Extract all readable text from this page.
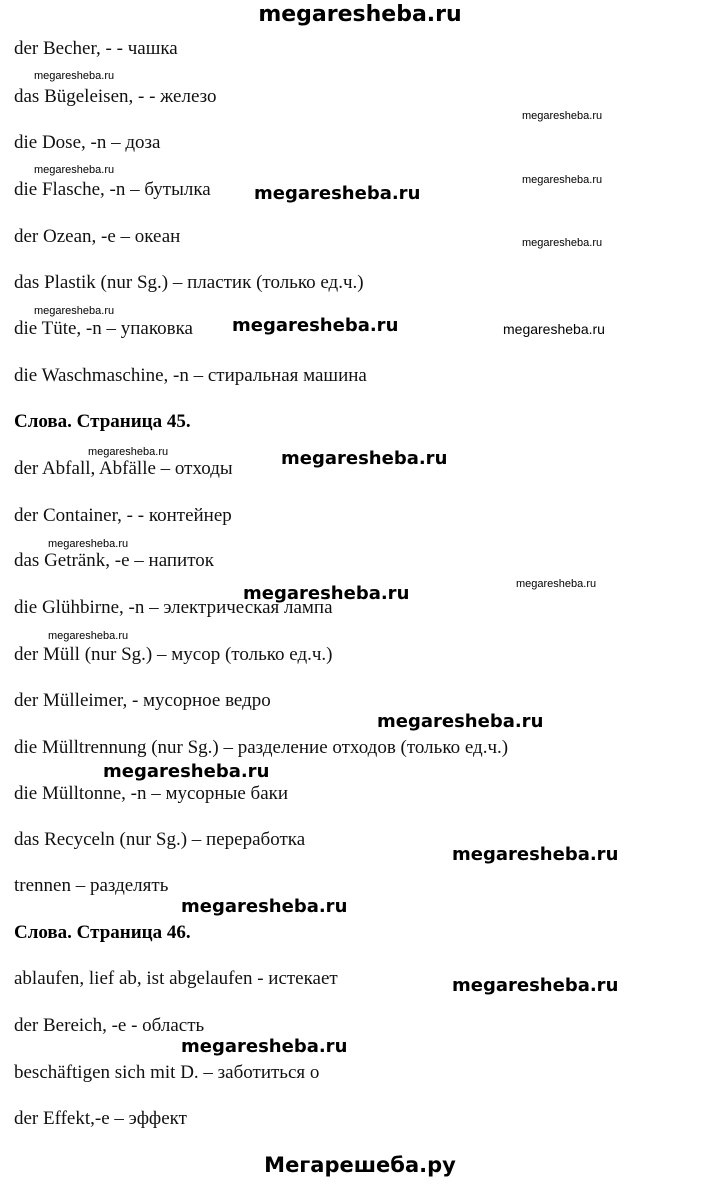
megaresheba.ru
der Becher, - - чашка
das Bügeleisen, - - железо
die Dose, -n – доза
die Flasche, -n – бутылка
der Ozean, -e – океан
das Plastik (nur Sg.) – пластик (только ед.ч.)
die Tüte, -n – упаковка
die Waschmaschine, -n – стиральная машина
Слова. Страница 45.
der Abfall, Abfälle – отходы
der Container, - - контейнер
das Getränk, -e – напиток
die Glühbirne, -n – электрическая лампа
der Müll (nur Sg.) – мусор (только ед.ч.)
der Mülleimer, - мусорное ведро
die Mülltrennung (nur Sg.) – разделение отходов (только ед.ч.)
die Mülltonne, -n – мусорные баки
das Recyceln (nur Sg.) – переработка
trennen – разделять
Слова. Страница 46.
ablaufen, lief ab, ist abgelaufen - истекает
der Bereich, -e - область
beschäftigen sich mit D. – заботиться о
der Effekt,-e – эффект
megaresheba.ru
megaresheba.ru
megaresheba.ru
megaresheba.ru
megaresheba.ru
megaresheba.ru
megaresheba.ru
megaresheba.ru
megaresheba.ru
megaresheba.ru
megaresheba.ru
megaresheba.ru
megaresheba.ru
megaresheba.ru
megaresheba.ru
megaresheba.ru
megaresheba.ru
megaresheba.ru
megaresheba.ru
megaresheba.ru
megaresheba.ru
Мегарешеба.ру
